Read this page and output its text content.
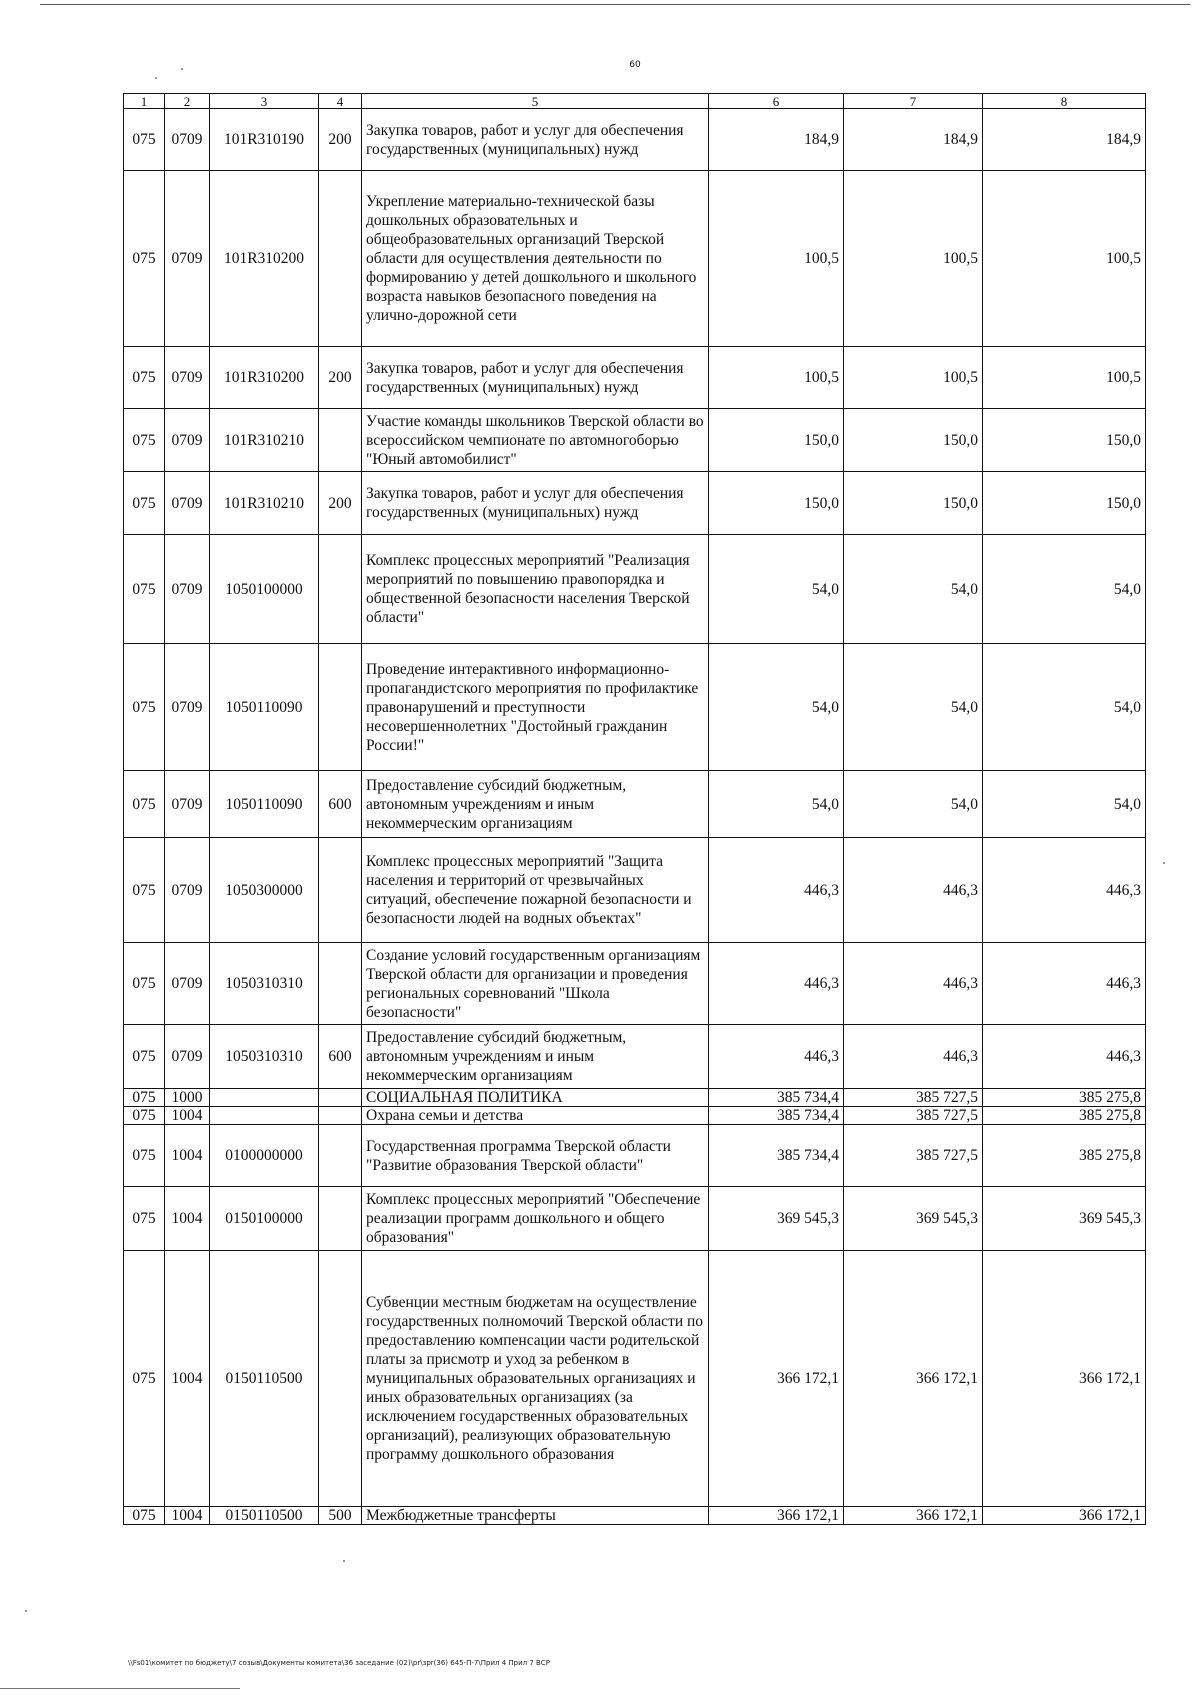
60
1	2	3	4	5	6	7	8
075	0709	101R310190	200	Закупка товаров, работ и услуг для обеспечения государственных (муниципальных) нужд	184,9	184,9	184,9
075	0709	101R310200		Укрепление материально-технической базы дошкольных образовательных и общеобразовательных организаций Тверской области для осуществления деятельности по формированию у детей дошкольного и школьного возраста навыков безопасного поведения на улично-дорожной сети	100,5	100,5	100,5
075	0709	101R310200	200	Закупка товаров, работ и услуг для обеспечения государственных (муниципальных) нужд	100,5	100,5	100,5
075	0709	101R310210		Участие команды школьников Тверской области во всероссийском чемпионате по автомногоборью "Юный автомобилист"	150,0	150,0	150,0
075	0709	101R310210	200	Закупка товаров, работ и услуг для обеспечения государственных (муниципальных) нужд	150,0	150,0	150,0
075	0709	1050100000		Комплекс процессных мероприятий "Реализация мероприятий по повышению правопорядка и общественной безопасности населения Тверской области"	54,0	54,0	54,0
075	0709	1050110090		Проведение интерактивного информационно-пропагандистского мероприятия по профилактике правонарушений и преступности несовершеннолетних "Достойный гражданин России!"	54,0	54,0	54,0
075	0709	1050110090	600	Предоставление субсидий бюджетным, автономным учреждениям и иным некоммерческим организациям	54,0	54,0	54,0
075	0709	1050300000		Комплекс процессных мероприятий "Защита населения и территорий от чрезвычайных ситуаций, обеспечение пожарной безопасности и безопасности людей на водных объектах"	446,3	446,3	446,3
075	0709	1050310310		Создание условий государственным организациям Тверской области для организации и проведения региональных соревнований "Школа безопасности"	446,3	446,3	446,3
075	0709	1050310310	600	Предоставление субсидий бюджетным, автономным учреждениям и иным некоммерческим организациям	446,3	446,3	446,3
075	1000			СОЦИАЛЬНАЯ ПОЛИТИКА	385 734,4	385 727,5	385 275,8
075	1004			Охрана семьи и детства	385 734,4	385 727,5	385 275,8
075	1004	0100000000		Государственная программа Тверской области "Развитие образования Тверской области"	385 734,4	385 727,5	385 275,8
075	1004	0150100000		Комплекс процессных мероприятий "Обеспечение реализации программ дошкольного и общего образования"	369 545,3	369 545,3	369 545,3
075	1004	0150110500		Субвенции местным бюджетам на осуществление государственных полномочий Тверской области по предоставлению компенсации части родительской платы за присмотр и уход за ребенком в муниципальных образовательных организациях и иных образовательных организациях (за исключением государственных образовательных организаций), реализующих образовательную программу дошкольного образования	366 172,1	366 172,1	366 172,1
075	1004	0150110500	500	Межбюджетные трансферты	366 172,1	366 172,1	366 172,1
\\Fs01\комитет по бюджету\7 созыв\Документы комитета\36 заседание (02)\pr\зpr(36) 645-П-7\Прил 4 Прил 7 ВСР
